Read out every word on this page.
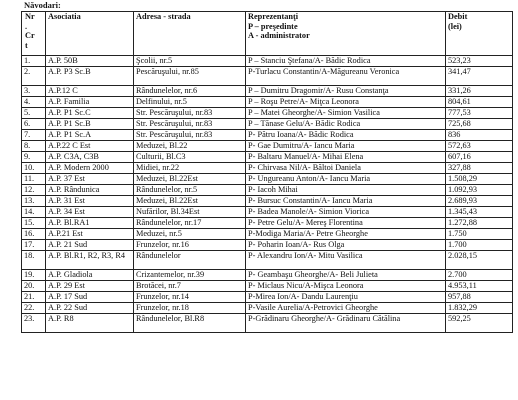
Năvodari:
Nr . Cr t	Asociatia	Adresa - strada	Reprezentanţi
P – preşedinte
A - administrator	Debit
(lei)
1.	A.P. 50B	Şcolii, nr.5	P – Stanciu Ştefana/A- Bădic Rodica	523,23
2.	A.P. P3 Sc.B	Pescăruşului, nr.85	P-Turlacu Constantin/A-Măgureanu Veronica	341,47
3.	A.P.12 C	Rândunelelor, nr.6	P – Dumitru Dragomir/A- Rusu Constanţa	331,26
4.	A.P. Familia	Delfinului, nr.5	P – Roşu Petre/A- Miţca Leonora	804,61
5.	A.P. P1 Sc.C	Str. Pescăruşului, nr.83	P – Matei Gheorghe/A- Simion Vasilica	777,53
6.	A.P. P1 Sc.B	Str. Pescăruşului, nr.83	P – Tănase Gelu/A- Bădic Rodica	725,68
7.	A.P. P1 Sc.A	Str. Pescăruşului, nr.83	P- Pătru Ioana/A- Bădic Rodica	836
8.	A.P.22 C Est	Meduzei, Bl.22	P- Gae Dumitru/A- Iancu Maria	572,63
9.	A.P. C3A, C3B	Culturii, Bl.C3	P- Baltaru Manuel/A- Mihai Elena	607,16
10.	A.P. Modern 2000	Midiei, nr.22	P- Chirvasa Nil/A- Băltoi Daniela	327,88
11.	A.P. 37 Est	Meduzei, Bl.22Est	P- Ungureanu Anton/A- Iancu Maria	1.508,29
12.	A.P. Rândunica	Rândunelelor, nr.5	P- Iacoh Mihai	1.092,93
13.	A.P. 31 Est	Meduzei, Bl.22Est	P- Bursuc Constantin/A- Iancu Maria	2.689,93
14.	A.P. 34 Est	Nufărilor, Bl.34Est	P- Badea Manole/A- Simion Viorica	1.345,43
15.	A.P. Bl.RA1	Rândunelelor, nr.17	P- Petre Gelu/A- Mereş Florentina	1.272,88
16.	A.P.21 Est	Meduzei, nr.5	P-Modiga Maria/A- Petre Gheorghe	1.750
17.	A.P. 21 Sud	Frunzelor, nr.16	P- Poharin Ioan/A- Rus Olga	1.700
18.	A.P. Bl.R1, R2, R3, R4	Rândunelelor	P- Alexandru Ion/A- Mitu Vasilica	2.028,15
19.	A.P. Gladiola	Crizantemelor, nr.39	P- Geambaşu Gheorghe/A- Beli Julieta	2.700
20.	A.P. 29 Est	Brotăcei, nr.7	P- Miclaus Nicu/A-Mişca Leonora	4.953,11
21.	A.P. 17 Sud	Frunzelor, nr.14	P-Mirea Ion/A- Dandu Laurenţiu	957,88
22.	A.P. 22 Sud	Frunzelor, nr.18	P-Vasile Aurelia/A-Petrovici Gheorghe	1.832,29
23.	A.P. R8	Rândunelelor, Bl.R8	P-Grădinaru Gheorghe/A- Grădinaru Cătălina	592,25
